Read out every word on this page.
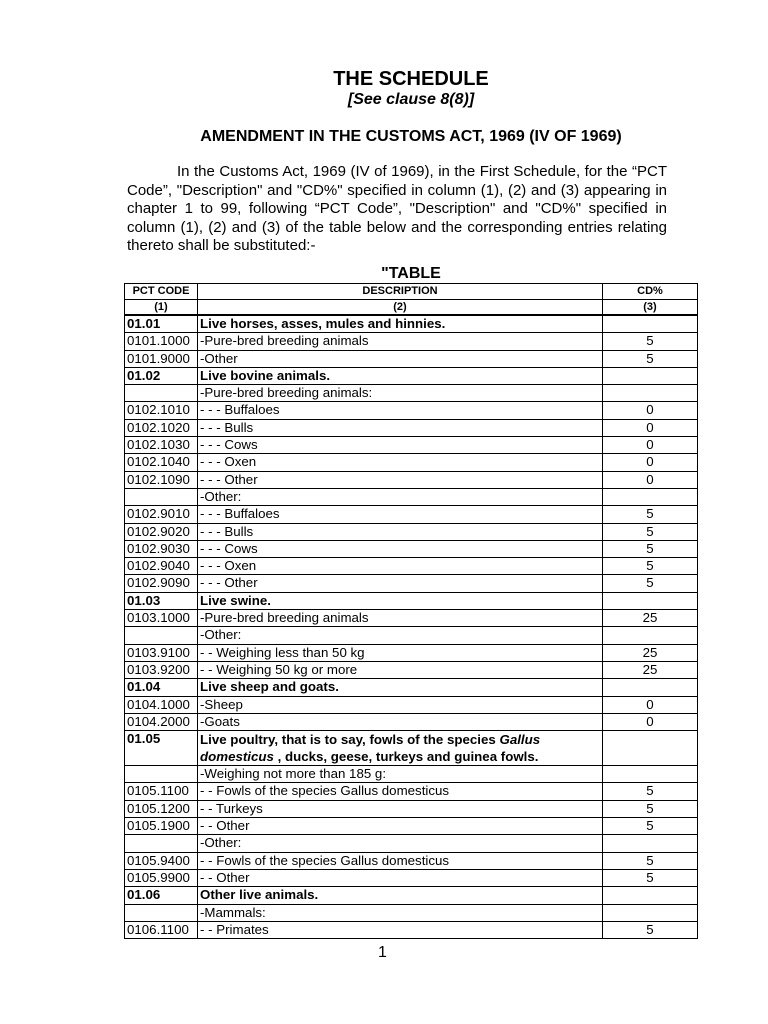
THE SCHEDULE
[See clause 8(8)]
AMENDMENT IN THE CUSTOMS ACT, 1969 (IV OF 1969)
In the Customs Act, 1969 (IV of 1969), in the First Schedule, for the “PCT
Code”, "Description" and "CD%" specified in column (1), (2) and (3) appearing in
chapter 1 to 99, following “PCT Code”, "Description" and "CD%" specified in
column (1), (2) and (3) of the table below and the corresponding entries relating
thereto shall be substituted:-
"TABLE
PCT CODE	DESCRIPTION	CD%
(1)	(2)	(3)
01.01	Live horses, asses, mules and hinnies.	
0101.1000	-Pure-bred breeding animals	5
0101.9000	-Other	5
01.02	Live bovine animals.	
	-Pure-bred breeding animals:	
0102.1010	- - - Buffaloes	0
0102.1020	- - - Bulls	0
0102.1030	- - - Cows	0
0102.1040	- - - Oxen	0
0102.1090	- - - Other	0
	-Other:	
0102.9010	- - - Buffaloes	5
0102.9020	- - - Bulls	5
0102.9030	- - - Cows	5
0102.9040	- - - Oxen	5
0102.9090	- - - Other	5
01.03	Live swine.	
0103.1000	-Pure-bred breeding animals	25
	-Other:	
0103.9100	- - Weighing less than 50 kg	25
0103.9200	- - Weighing 50 kg or more	25
01.04	Live sheep and goats.	
0104.1000	-Sheep	0
0104.2000	-Goats	0
01.05	Live poultry, that is to say, fowls of the species Gallus domesticus , ducks, geese, turkeys and guinea fowls.	
	-Weighing not more than 185 g:	
0105.1100	- - Fowls of the species Gallus domesticus	5
0105.1200	- - Turkeys	5
0105.1900	- - Other	5
	-Other:	
0105.9400	- - Fowls of the species Gallus domesticus	5
0105.9900	- - Other	5
01.06	Other live animals.	
	-Mammals:	
0106.1100	- - Primates	5
1
